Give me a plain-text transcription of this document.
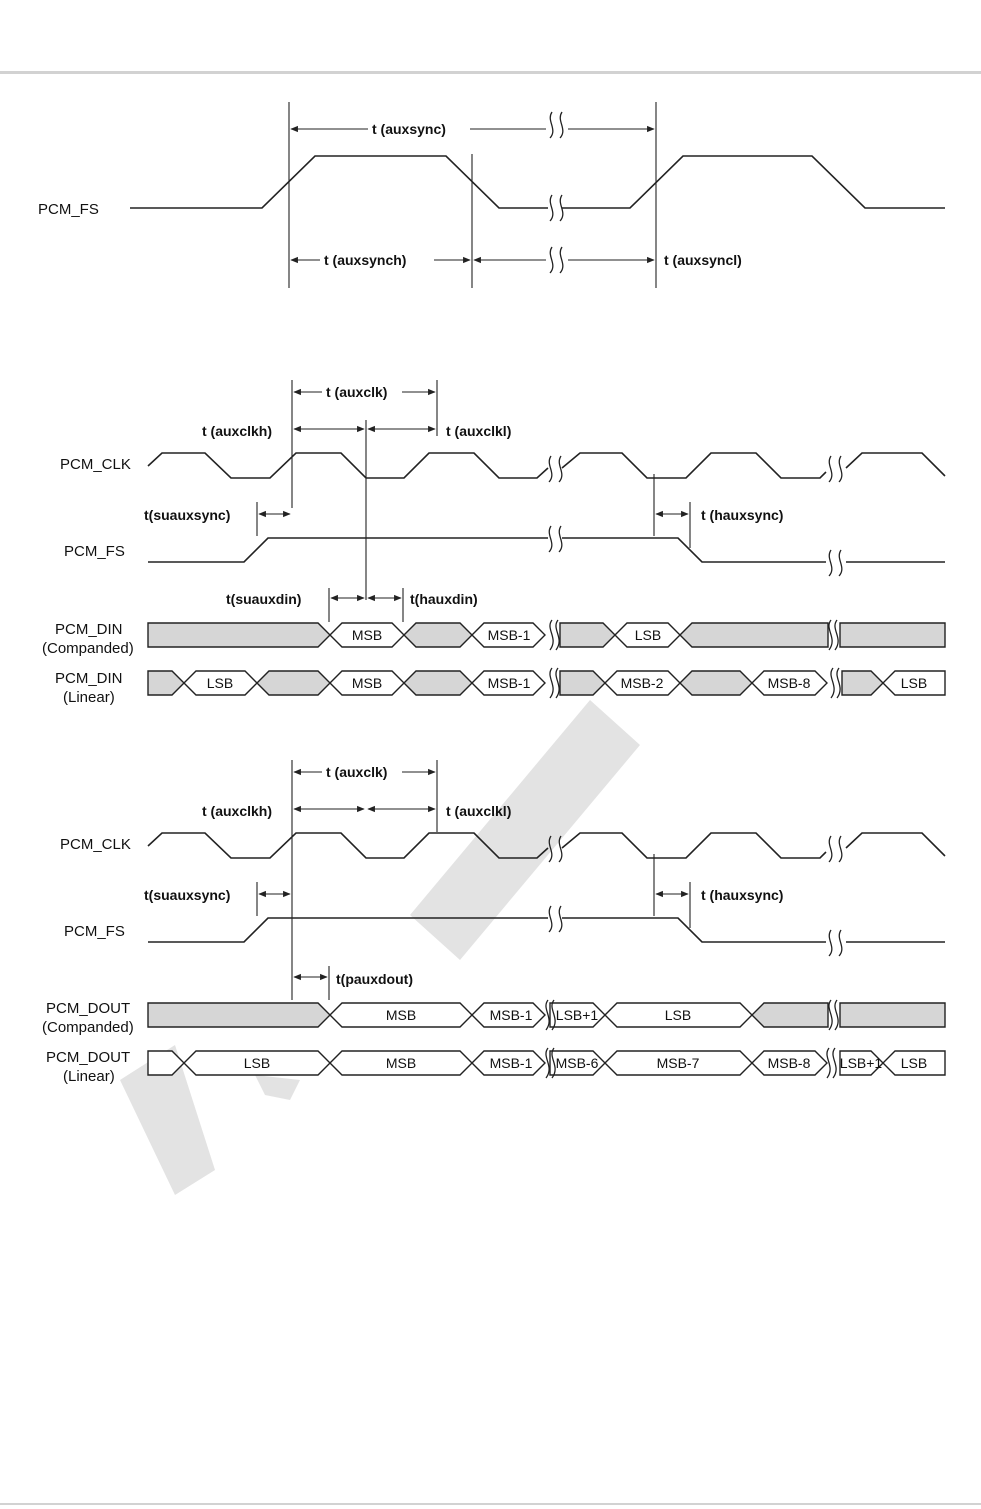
PCM_FS
t (auxsync)
t (auxsynch)	t (auxsyncl)
t (auxclk)
t (auxclkh)	t (auxclkl)
PCM_CLK
t(suauxsync)	t (hauxsync)
PCM_FS
t(suauxdin)	t(hauxdin)
PCM_DIN
(Companded)
MSB	MSB-1	LSB
PCM_DIN
(Linear)
LSB	MSB	MSB-1	MSB-2	MSB-8	LSB
t (auxclk)
t (auxclkh)	t (auxclkl)
PCM_CLK
t(suauxsync)	t (hauxsync)
PCM_FS
t(pauxdout)
PCM_DOUT
(Companded)
MSB	MSB-1 LSB+1	LSB
PCM_DOUT
(Linear)
LSB	MSB	MSB-1 MSB-6	MSB-7	MSB-8 LSB+1 LSB
